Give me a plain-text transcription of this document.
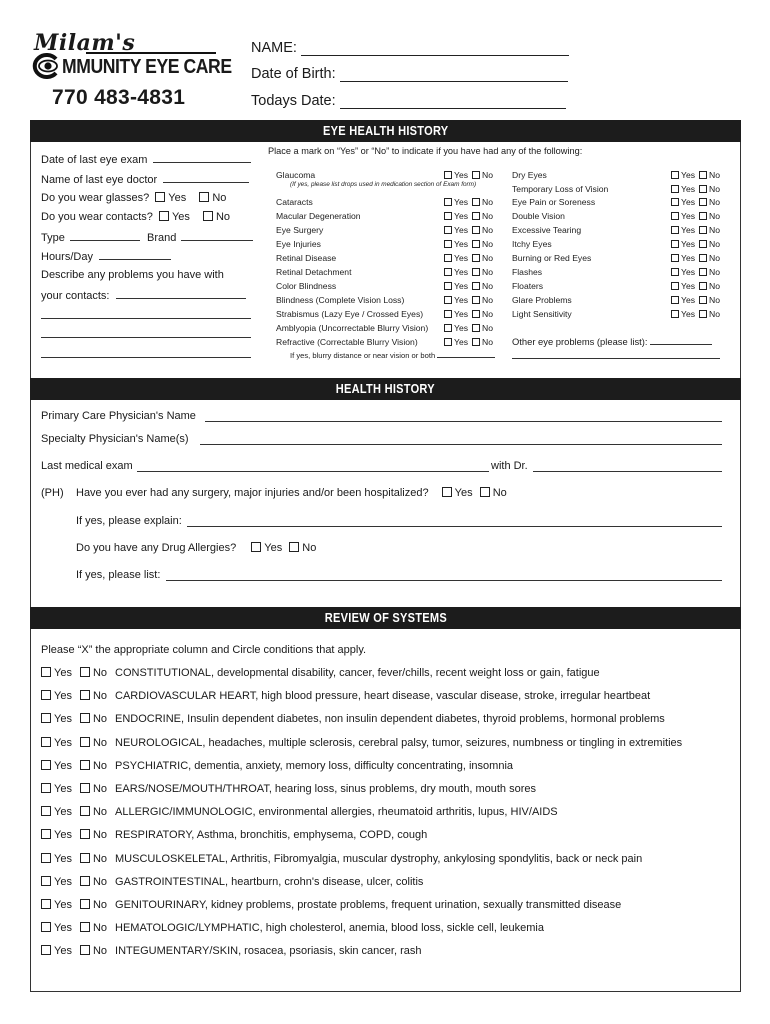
Milam's
MMUNITY EYE CARE
770 483-4831
NAME:
Date of Birth:
Todays Date:
EYE HEALTH HISTORY
HEALTH HISTORY
REVIEW OF SYSTEMS
Date of last eye exam
Name of last eye doctor
Do you wear glasses? Yes No
Do you wear contacts? Yes No
Type	Brand
Hours/Day
Describe any problems you have with
your contacts:
Place a mark on “Yes” or “No” to indicate if you have had any of the following:
Glaucoma	Yes No
Cataracts	Yes No
Macular Degeneration	Yes No
Eye Surgery	Yes No
Eye Injuries	Yes No
Retinal Disease	Yes No
Retinal Detachment	Yes No
Color Blindness	Yes No
Blindness (Complete Vision Loss)	Yes No
Strabismus (Lazy Eye / Crossed Eyes)	Yes No
Amblyopia (Uncorrectable Blurry Vision)	Yes No
Refractive (Correctable Blurry Vision)	Yes No
Dry Eyes	Yes No
Temporary Loss of Vision	Yes No
Eye Pain or Soreness	Yes No
Double Vision	Yes No
Excessive Tearing	Yes No
Itchy Eyes	Yes No
Burning or Red Eyes	Yes No
Flashes	Yes No
Floaters	Yes No
Glare Problems	Yes No
Light Sensitivity	Yes No
(If yes, please list drops used in medication section of Exam form)
If yes, blurry distance or near vision or both
Other eye problems (please list):
Primary Care Physician's Name
Specialty Physician's Name(s)
Last medical exam	with Dr.
(PH) Have you ever had any surgery, major injuries and/or been hospitalized? Yes No
If yes, please explain:
Do you have any Drug Allergies?	Yes No
If yes, please list:
Please “X” the appropriate column and Circle conditions that apply.
Yes No CONSTITUTIONAL, developmental disability, cancer, fever/chills, recent weight loss or gain, fatigue
Yes No CARDIOVASCULAR HEART, high blood pressure, heart disease, vascular disease, stroke, irregular heartbeat
Yes No ENDOCRINE, Insulin dependent diabetes, non insulin dependent diabetes, thyroid problems, hormonal problems
Yes No NEUROLOGICAL, headaches, multiple sclerosis, cerebral palsy, tumor, seizures, numbness or tingling in extremities
Yes No PSYCHIATRIC, dementia, anxiety, memory loss, difficulty concentrating, insomnia
Yes No EARS/NOSE/MOUTH/THROAT, hearing loss, sinus problems, dry mouth, mouth sores
Yes No ALLERGIC/IMMUNOLOGIC, environmental allergies, rheumatoid arthritis, lupus, HIV/AIDS
Yes No RESPIRATORY, Asthma, bronchitis, emphysema, COPD, cough
Yes No MUSCULOSKELETAL, Arthritis, Fibromyalgia, muscular dystrophy, ankylosing spondylitis, back or neck pain
Yes No GASTROINTESTINAL, heartburn, crohn's disease, ulcer, colitis
Yes No GENITOURINARY, kidney problems, prostate problems, frequent urination, sexually transmitted disease
Yes No HEMATOLOGIC/LYMPHATIC, high cholesterol, anemia, blood loss, sickle cell, leukemia
Yes No INTEGUMENTARY/SKIN, rosacea, psoriasis, skin cancer, rash
